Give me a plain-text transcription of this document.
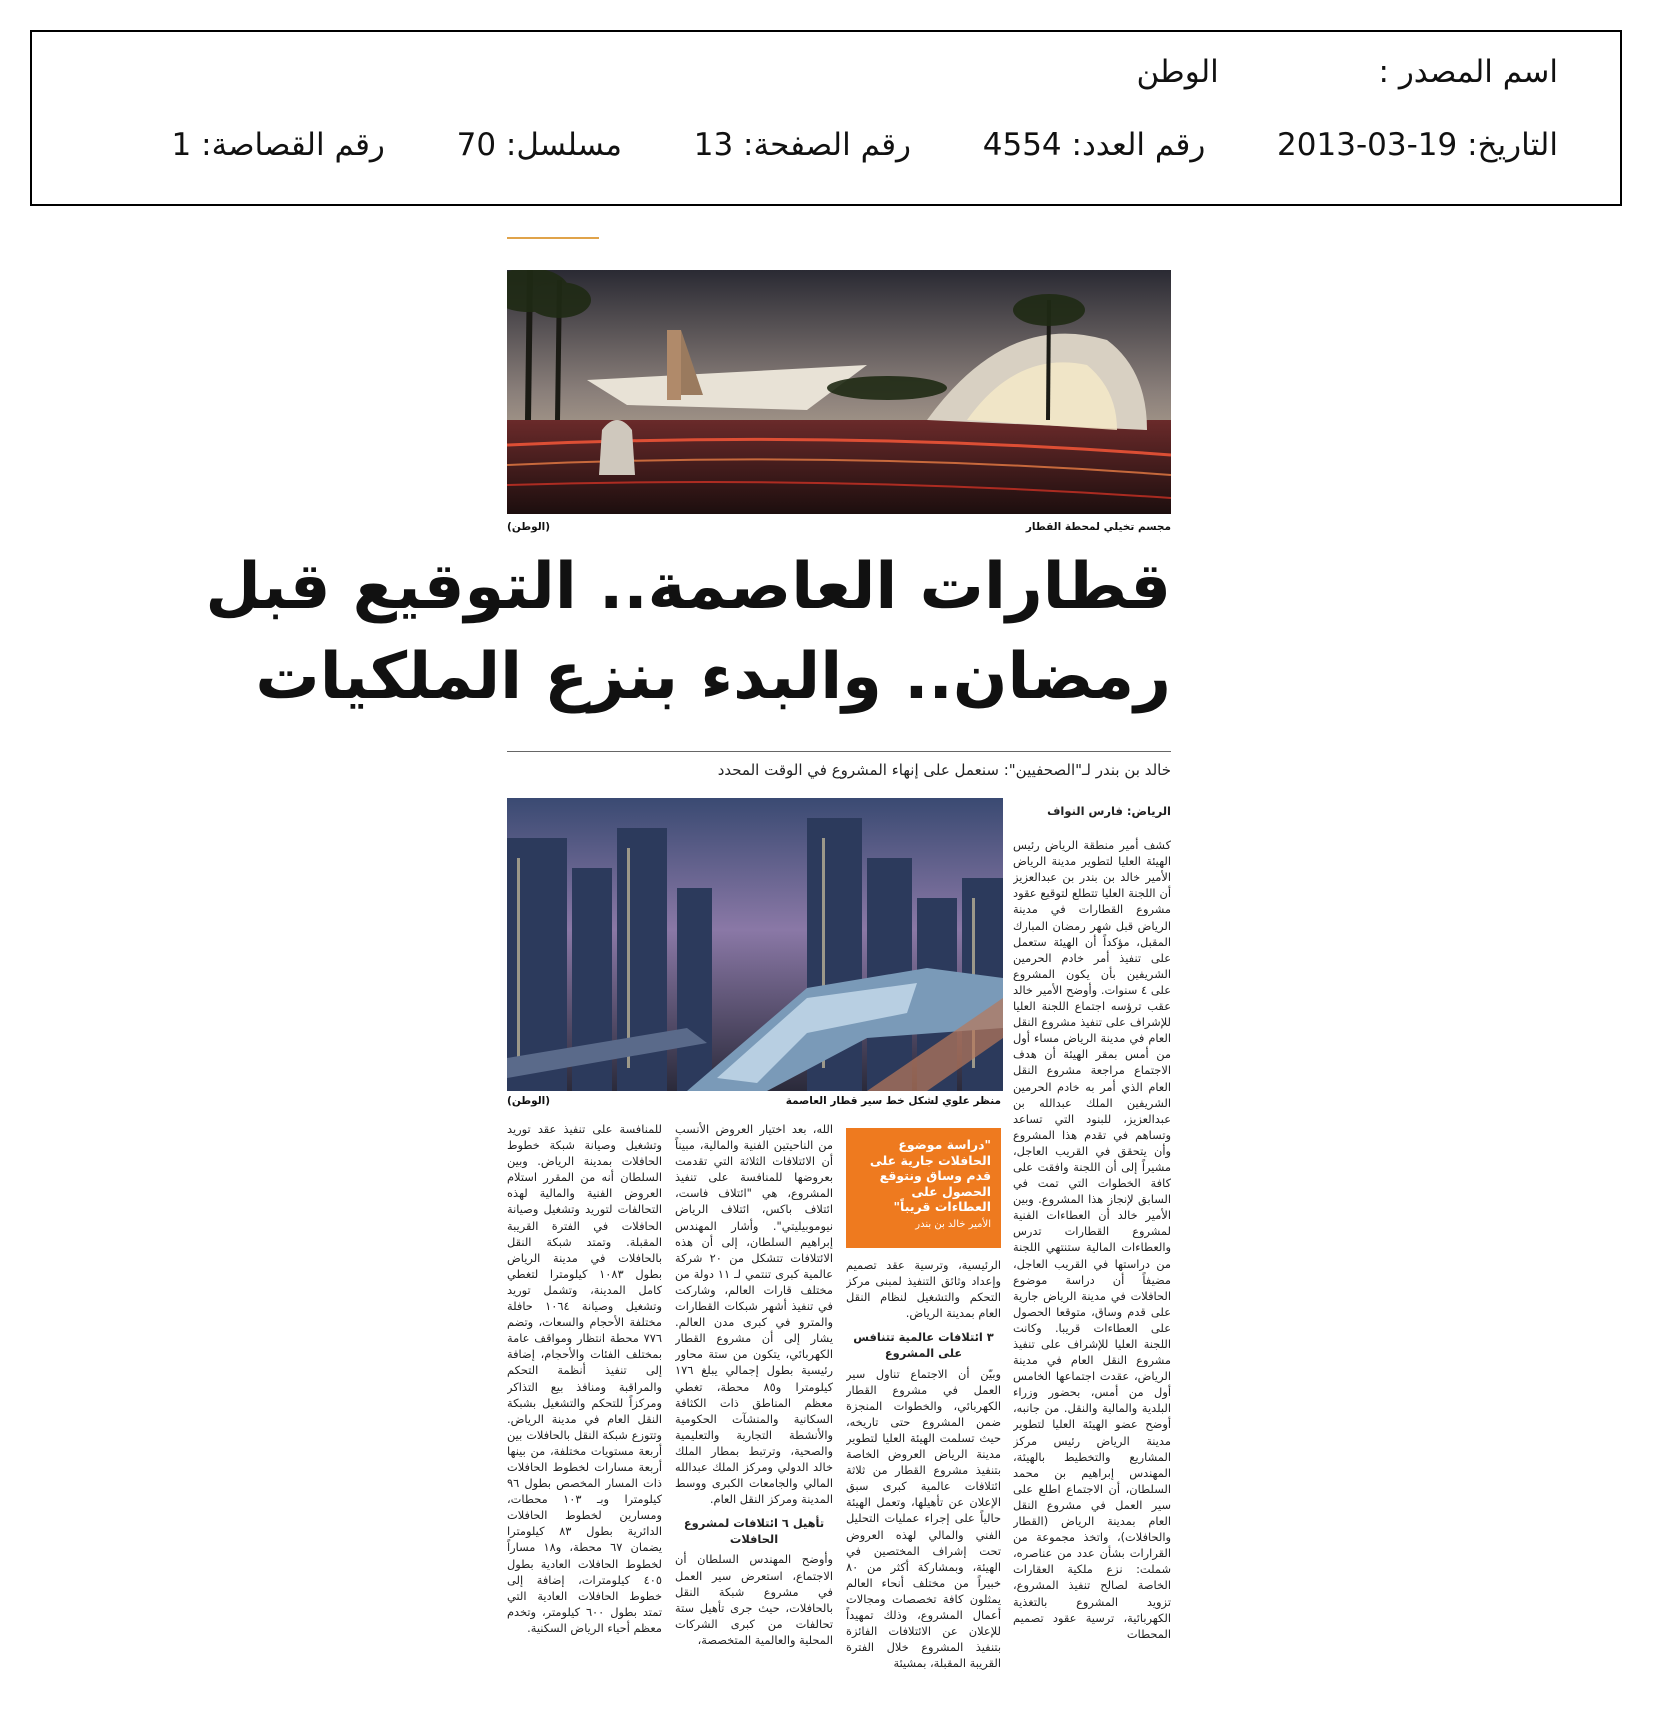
اسم المصدر :  الوطن
التاريخ: 2013-03-19  رقم العدد: 4554  رقم الصفحة: 13  مسلسل: 70  رقم القصاصة: 1
مجسم تخيلي لمحطة القطار
(الوطن)
قطارات العاصمة.. التوقيع قبل
رمضان.. والبدء بنزع الملكيات
خالد بن بندر لـ"الصحفيين": سنعمل على إنهاء المشروع في الوقت المحدد
منظر علوي لشكل خط سير قطار العاصمة
(الوطن)

الرياض: فارس النواف

كشف أمير منطقة الرياض رئيس الهيئة العليا لتطوير مدينة الرياض الأمير خالد بن بندر بن عبدالعزيز أن اللجنة العليا تتطلع لتوقيع عقود مشروع القطارات في مدينة الرياض قبل شهر رمضان المبارك المقبل، مؤكداً أن الهيئة ستعمل على تنفيذ أمر خادم الحرمين الشريفين بأن يكون المشروع على ٤ سنوات. وأوضح الأمير خالد عقب ترؤسه اجتماع اللجنة العليا للإشراف على تنفيذ مشروع النقل العام في مدينة الرياض مساء أول من أمس بمقر الهيئة أن هدف الاجتماع مراجعة مشروع النقل العام الذي أمر به خادم الحرمين الشريفين الملك عبدالله بن عبدالعزيز، للبنود التي تساعد وتساهم في تقدم هذا المشروع وأن يتحقق في القريب العاجل، مشيراً إلى أن اللجنة وافقت على كافة الخطوات التي تمت في السابق لإنجاز هذا المشروع. وبين الأمير خالد أن العطاءات الفنية لمشروع القطارات تدرس والعطاءات المالية ستنتهي اللجنة من دراستها في القريب العاجل، مضيفاً أن دراسة موضوع الحافلات في مدينة الرياض جارية على قدم وساق، متوقعا الحصول على العطاءات قريبا. وكانت اللجنة العليا للإشراف على تنفيذ مشروع النقل العام في مدينة الرياض، عقدت اجتماعها الخامس أول من أمس، بحضور وزراء البلدية والمالية والنقل. من جانبه، أوضح عضو الهيئة العليا لتطوير مدينة الرياض رئيس مركز المشاريع والتخطيط بالهيئة، المهندس إبراهيم بن محمد السلطان، أن الاجتماع اطلع على سير العمل في مشروع النقل العام بمدينة الرياض (القطار والحافلات)، واتخذ مجموعة من القرارات بشأن عدد من عناصره، شملت: نزع ملكية العقارات الخاصة لصالح تنفيذ المشروع، تزويد المشروع بالتغذية الكهربائية، ترسية عقود تصميم المحطات

"دراسة موضوع الحافلات جارية على قدم وساق ونتوقع الحصول على العطاءات قريباً"
الأمير خالد بن بندر

الرئيسية، وترسية عقد تصميم وإعداد وثائق التنفيذ لمبنى مركز التحكم والتشغيل لنظام النقل العام بمدينة الرياض.

٣ ائتلافات عالمية تتنافس على المشروع

وبيّن أن الاجتماع تناول سير العمل في مشروع القطار الكهربائي، والخطوات المنجزة ضمن المشروع حتى تاريخه، حيث تسلمت الهيئة العليا لتطوير مدينة الرياض العروض الخاصة بتنفيذ مشروع القطار من ثلاثة ائتلافات عالمية كبرى سبق الإعلان عن تأهيلها، وتعمل الهيئة حالياً على إجراء عمليات التحليل الفني والمالي لهذه العروض تحت إشراف المختصين في الهيئة، وبمشاركة أكثر من ٨٠ خبيراً من مختلف أنحاء العالم يمثلون كافة تخصصات ومجالات أعمال المشروع، وذلك تمهيداً للإعلان عن الائتلافات الفائزة بتنفيذ المشروع خلال الفترة القريبة المقبلة، بمشيئة

الله، بعد اختيار العروض الأنسب من الناحيتين الفنية والمالية، مبيناً أن الائتلافات الثلاثة التي تقدمت بعروضها للمنافسة على تنفيذ المشروع، هي "ائتلاف فاست، ائتلاف باكس، ائتلاف الرياض نيوموبيليتي". وأشار المهندس إبراهيم السلطان، إلى أن هذه الائتلافات تتشكل من ٢٠ شركة عالمية كبرى تنتمي لـ ١١ دولة من مختلف قارات العالم، وشاركت في تنفيذ أشهر شبكات القطارات والمترو في كبرى مدن العالم. يشار إلى أن مشروع القطار الكهربائي، يتكون من ستة محاور رئيسية بطول إجمالي يبلغ ١٧٦ كيلومترا و٨٥ محطة، تغطي معظم المناطق ذات الكثافة السكانية والمنشآت الحكومية والأنشطة التجارية والتعليمية والصحية، وترتبط بمطار الملك خالد الدولي ومركز الملك عبدالله المالي والجامعات الكبرى ووسط المدينة ومركز النقل العام.

تأهيل ٦ ائتلافات لمشروع الحافلات

وأوضح المهندس السلطان أن الاجتماع، استعرض سير العمل في مشروع شبكة النقل بالحافلات، حيث جرى تأهيل ستة تحالفات من كبرى الشركات المحلية والعالمية المتخصصة،

للمنافسة على تنفيذ عقد توريد وتشغيل وصيانة شبكة خطوط الحافلات بمدينة الرياض. وبين السلطان أنه من المقرر استلام العروض الفنية والمالية لهذه التحالفات لتوريد وتشغيل وصيانة الحافلات في الفترة القريبة المقبلة. وتمتد شبكة النقل بالحافلات في مدينة الرياض بطول ١٠٨٣ كيلومترا لتغطي كامل المدينة، وتشمل توريد وتشغيل وصيانة ١٠٦٤ حافلة مختلفة الأحجام والسعات، وتضم ٧٧٦ محطة انتظار ومواقف عامة بمختلف الفئات والأحجام، إضافة إلى تنفيذ أنظمة التحكم والمراقبة ومنافذ بيع التذاكر ومركزاً للتحكم والتشغيل بشبكة النقل العام في مدينة الرياض. وتتوزع شبكة النقل بالحافلات بين أربعة مستويات مختلفة، من بينها أربعة مسارات لخطوط الحافلات ذات المسار المخصص بطول ٩٦ كيلومترا وبـ ١٠٣ محطات، ومسارين لخطوط الحافلات الدائرية بطول ٨٣ كيلومترا يضمان ٦٧ محطة، و١٨ مساراً لخطوط الحافلات العادية بطول ٤٠٥ كيلومترات، إضافة إلى خطوط الحافلات العادية التي تمتد بطول ٦٠٠ كيلومتر، وتخدم معظم أحياء الرياض السكنية.
